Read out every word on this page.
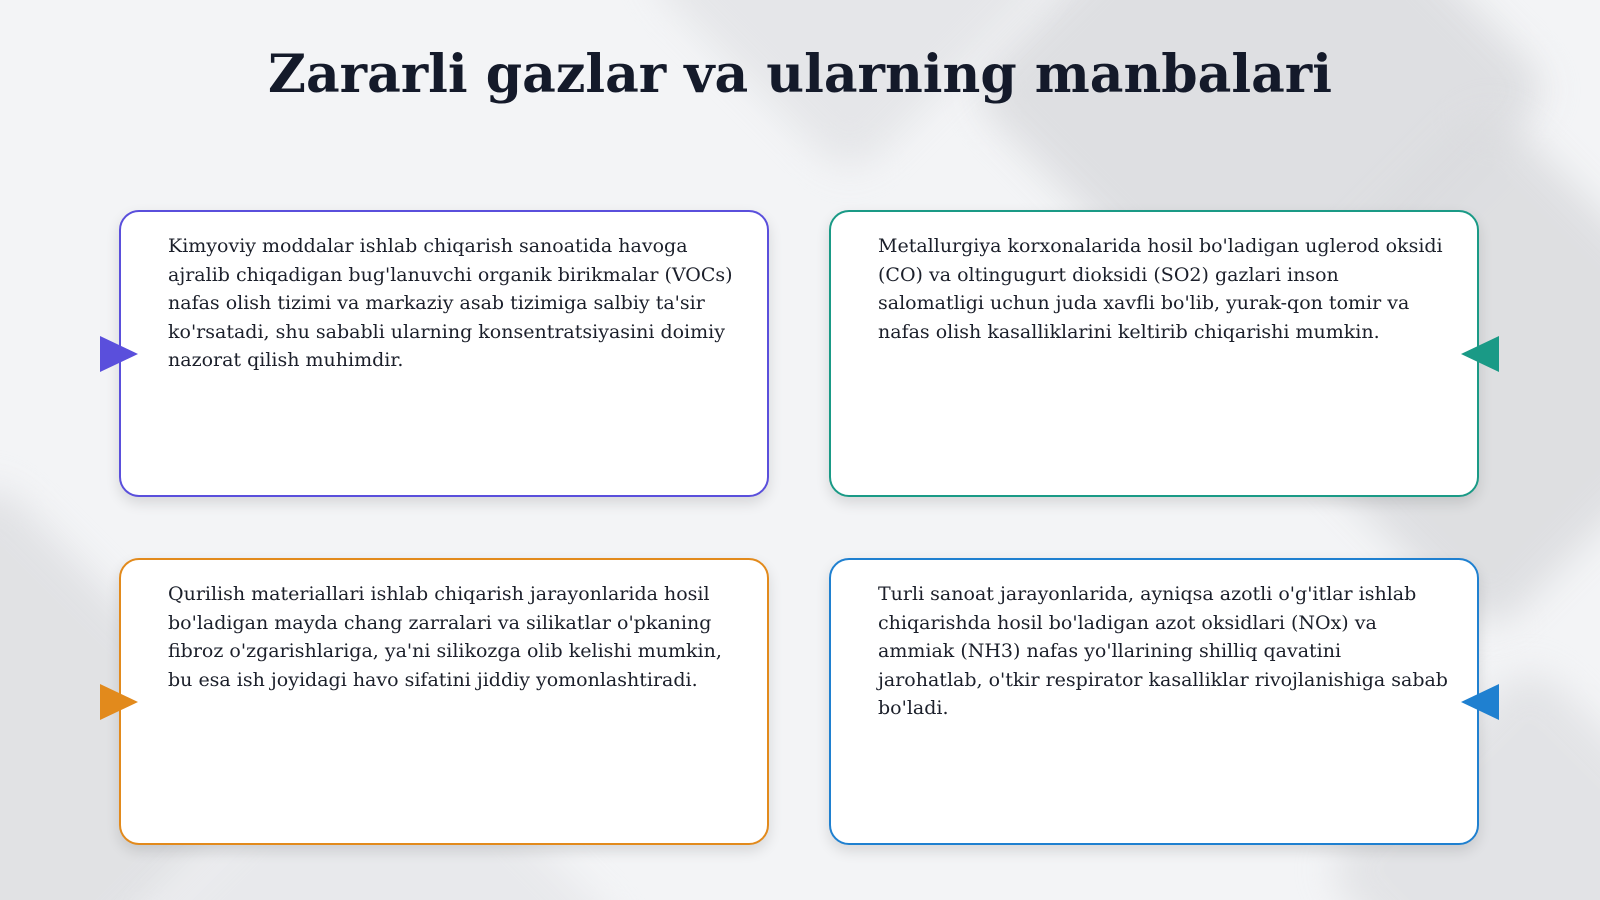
Zararli gazlar va ularning manbalari

Kimyoviy moddalar ishlab chiqarish sanoatida havoga ajralib chiqadigan bug'lanuvchi organik birikmalar (VOCs) nafas olish tizimi va markaziy asab tizimiga salbiy ta'sir ko'rsatadi, shu sababli ularning konsentratsiyasini doimiy nazorat qilish muhimdir.

Metallurgiya korxonalarida hosil bo'ladigan uglerod oksidi (CO) va oltingugurt dioksidi (SO2) gazlari inson salomatligi uchun juda xavfli bo'lib, yurak-qon tomir va nafas olish kasalliklarini keltirib chiqarishi mumkin.

Qurilish materiallari ishlab chiqarish jarayonlarida hosil bo'ladigan mayda chang zarralari va silikatlar o'pkaning fibroz o'zgarishlariga, ya'ni silikozga olib kelishi mumkin, bu esa ish joyidagi havo sifatini jiddiy yomonlashtiradi.

Turli sanoat jarayonlarida, ayniqsa azotli o'g'itlar ishlab chiqarishda hosil bo'ladigan azot oksidlari (NOx) va ammiak (NH3) nafas yo'llarining shilliq qavatini jarohatlab, o'tkir respirator kasalliklar rivojlanishiga sabab bo'ladi.
